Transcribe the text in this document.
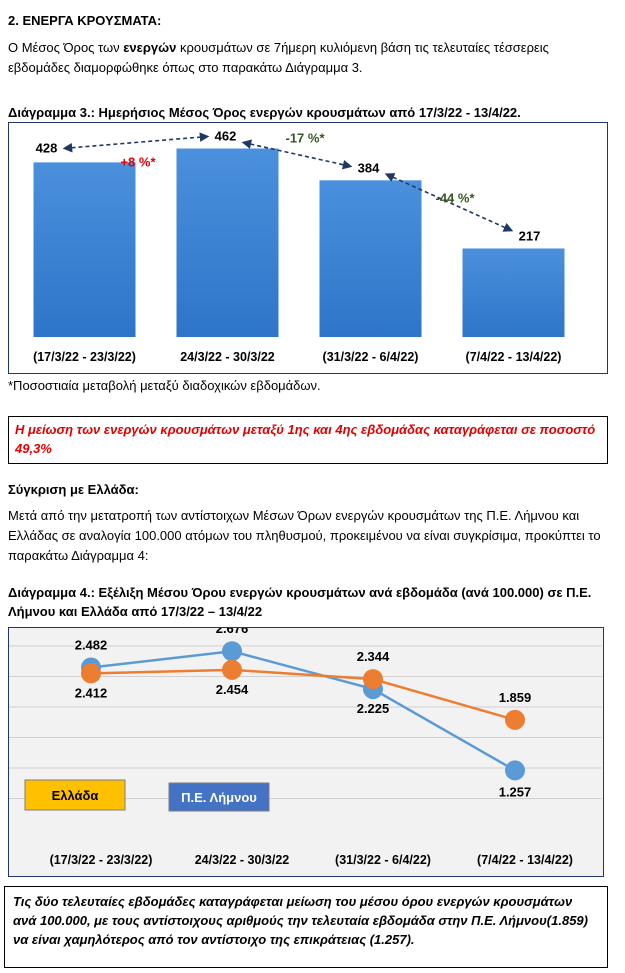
2. ΕΝΕΡΓΑ ΚΡΟΥΣΜΑΤΑ:
Ο Μέσος Όρος των ενεργών κρουσμάτων σε 7ήμερη κυλιόμενη βάση τις τελευταίες τέσσερεις εβδομάδες διαμορφώθηκε όπως στο παρακάτω Διάγραμμα 3.
Διάγραμμα 3.: Ημερήσιος Μέσος Όρος ενεργών κρουσμάτων από 17/3/22 - 13/4/22.
428
462
384
217
+8 %*
-17 %*
-44 %*
(17/3/22 - 23/3/22)	24/3/22 - 30/3/22	(31/3/22 - 6/4/22)	(7/4/22 - 13/4/22)
*Ποσοστιαία μεταβολή μεταξύ διαδοχικών εβδομάδων.
Η μείωση των ενεργών κρουσμάτων μεταξύ 1ης και 4ης εβδομάδας καταγράφεται σε ποσοστό 49,3%
Σύγκριση με Ελλάδα:
Μετά από την μετατροπή των αντίστοιχων Μέσων Όρων ενεργών κρουσμάτων της Π.Ε. Λήμνου και Ελλάδας σε αναλογία 100.000 ατόμων του πληθυσμού, προκειμένου να είναι συγκρίσιμα, προκύπτει το παρακάτω Διάγραμμα 4:
Διάγραμμα 4.: Εξέλιξη Μέσου Όρου ενεργών κρουσμάτων ανά εβδομάδα (ανά 100.000) σε Π.Ε. Λήμνου και Ελλάδα από 17/3/22 – 13/4/22
Ελλάδα	Π.Ε. Λήμνου
2.482
2.676
2.225
1.257
2.412	2.454
2.344
1.859
(17/3/22 - 23/3/22)	24/3/22 - 30/3/22	(31/3/22 - 6/4/22)	(7/4/22 - 13/4/22)
Τις δύο τελευταίες εβδομάδες καταγράφεται μείωση του μέσου όρου ενεργών κρουσμάτων ανά 100.000, με τους αντίστοιχους αριθμούς την τελευταία εβδομάδα στην Π.Ε. Λήμνου(1.859) να είναι χαμηλότερος από τον αντίστοιχο της επικράτειας (1.257).
